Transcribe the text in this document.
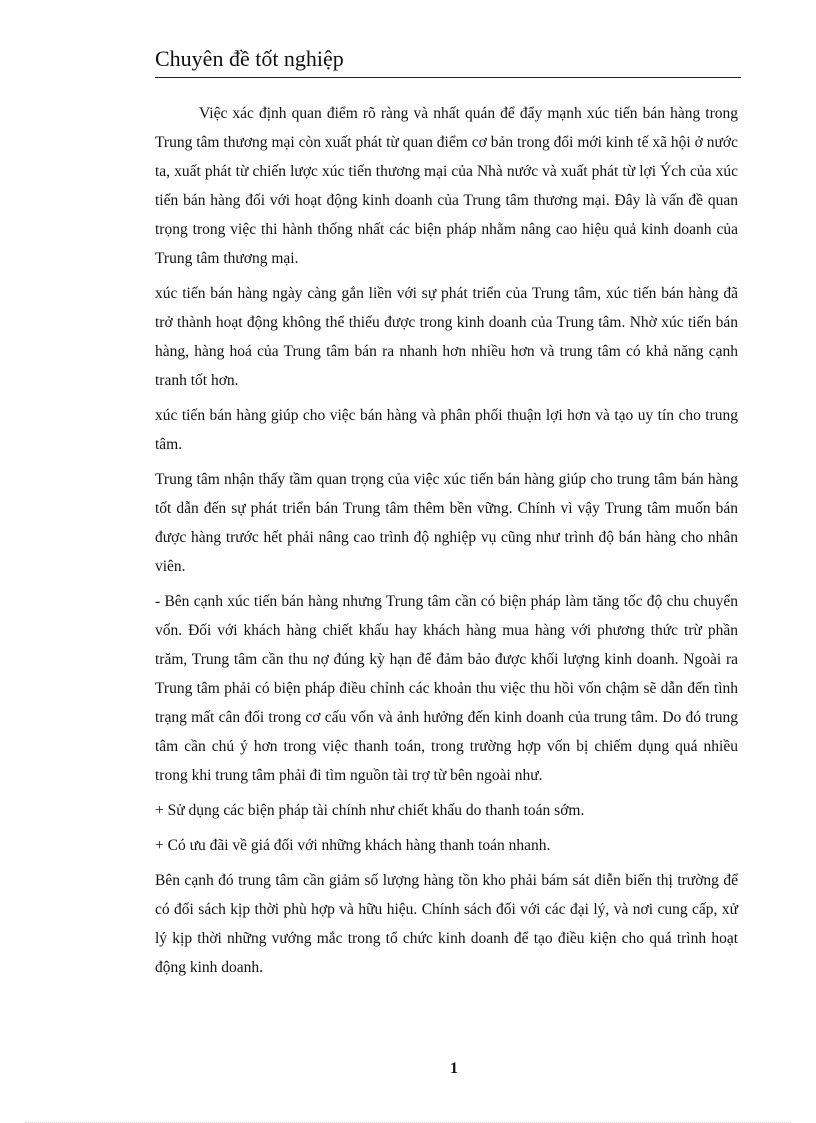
Chuyên đề tốt nghiệp

Việc xác định quan điểm rõ ràng và nhất quán để đẩy mạnh xúc tiến bán hàng trong Trung tâm thương mại còn xuất phát từ quan điểm cơ bản trong đổi mới kinh tế xã hội ở nước ta, xuất phát từ chiến lược xúc tiến thương mại của Nhà nước và xuất phát từ lợi Ých của xúc tiến bán hàng đối với hoạt động kinh doanh của Trung tâm thương mại. Đây là vấn đề quan trọng trong việc thi hành thống nhất các biện pháp nhằm nâng cao hiệu quả kinh doanh của Trung tâm thương mại.

xúc tiến bán hàng ngày càng gắn liền với sự phát triển của Trung tâm, xúc tiến bán hàng đã trở thành hoạt động không thể thiếu được trong kinh doanh của Trung tâm. Nhờ xúc tiến bán hàng, hàng hoá của Trung tâm bán ra nhanh hơn nhiều hơn và trung tâm có khả năng cạnh tranh tốt hơn.

xúc tiến bán hàng giúp cho việc bán hàng và phân phối thuận lợi hơn và tạo uy tín cho trung tâm.

Trung tâm nhận thấy tầm quan trọng của việc xúc tiến bán hàng giúp cho trung tâm bán hàng tốt dẫn đến sự phát triển bán Trung tâm thêm bền vững. Chính vì vậy Trung tâm muốn bán được hàng trước hết phải nâng cao trình độ nghiệp vụ cũng như trình độ bán hàng cho nhân viên.

- Bên cạnh xúc tiến bán hàng nhưng Trung tâm cần có biện pháp làm tăng tốc độ chu chuyển vốn. Đối với khách hàng chiết khấu hay khách hàng mua hàng với phương thức trừ phần trăm, Trung tâm cần thu nợ đúng kỳ hạn để đảm bảo được khối lượng kinh doanh. Ngoài ra Trung tâm phải có biện pháp điều chỉnh các khoản thu việc thu hồi vốn chậm sẽ dẫn đến tình trạng mất cân đối trong cơ cấu vốn và ảnh hưởng đến kinh doanh của trung tâm. Do đó trung tâm cần chú ý hơn trong việc thanh toán, trong trường hợp vốn bị chiếm dụng quá nhiều trong khi trung tâm phải đi tìm nguồn tài trợ từ bên ngoài như.

+ Sử dụng các biện pháp tài chính như chiết khấu do thanh toán sớm.

+ Có ưu đãi về giá đối với những khách hàng thanh toán nhanh.

Bên cạnh đó trung tâm cần giảm số lượng hàng tồn kho phải bám sát diễn biến thị trường để có đối sách kịp thời phù hợp và hữu hiệu. Chính sách đối với các đại lý, và nơi cung cấp, xử lý kịp thời những vướng mắc trong tổ chức kinh doanh để tạo điều kiện cho quá trình hoạt động kinh doanh.

1
